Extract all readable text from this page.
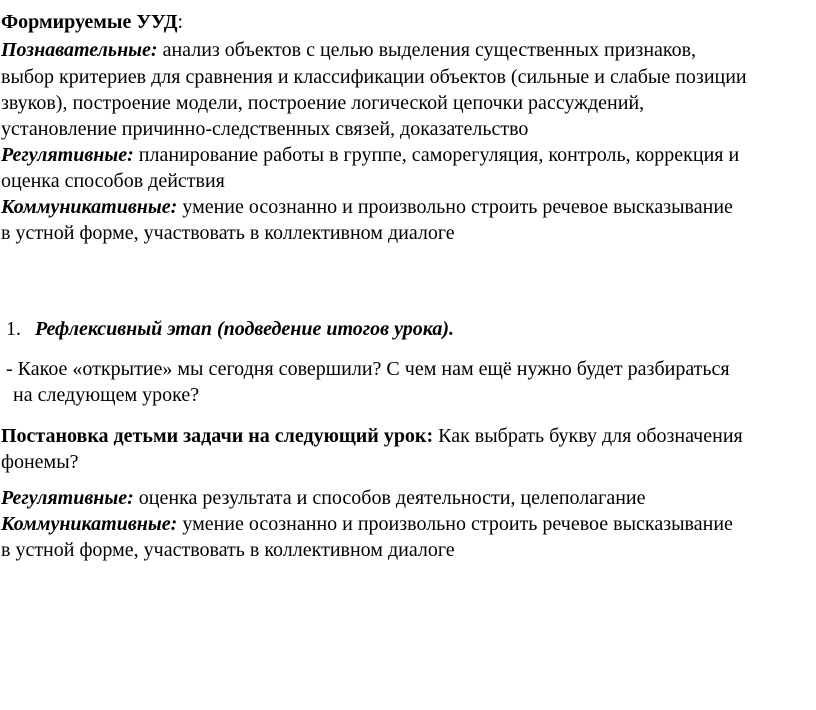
Формируемые УУД:
Познавательные: анализ объектов с целью выделения существенных признаков,
выбор критериев для сравнения и классификации объектов (сильные и слабые позиции
звуков), построение модели, построение логической цепочки рассуждений,
установление причинно-следственных связей, доказательство
Регулятивные: планирование работы в группе, саморегуляция, контроль, коррекция и
оценка способов действия
Коммуникативные: умение осознанно и произвольно строить речевое высказывание
в устной форме, участвовать в коллективном диалоге
1. Рефлексивный этап (подведение итогов урока).
- Какое «открытие» мы сегодня совершили? С чем нам ещё нужно будет разбираться
на следующем уроке?
Постановка детьми задачи на следующий урок: Как выбрать букву для обозначения
фонемы?
Регулятивные: оценка результата и способов деятельности, целеполагание
Коммуникативные: умение осознанно и произвольно строить речевое высказывание
в устной форме, участвовать в коллективном диалоге
